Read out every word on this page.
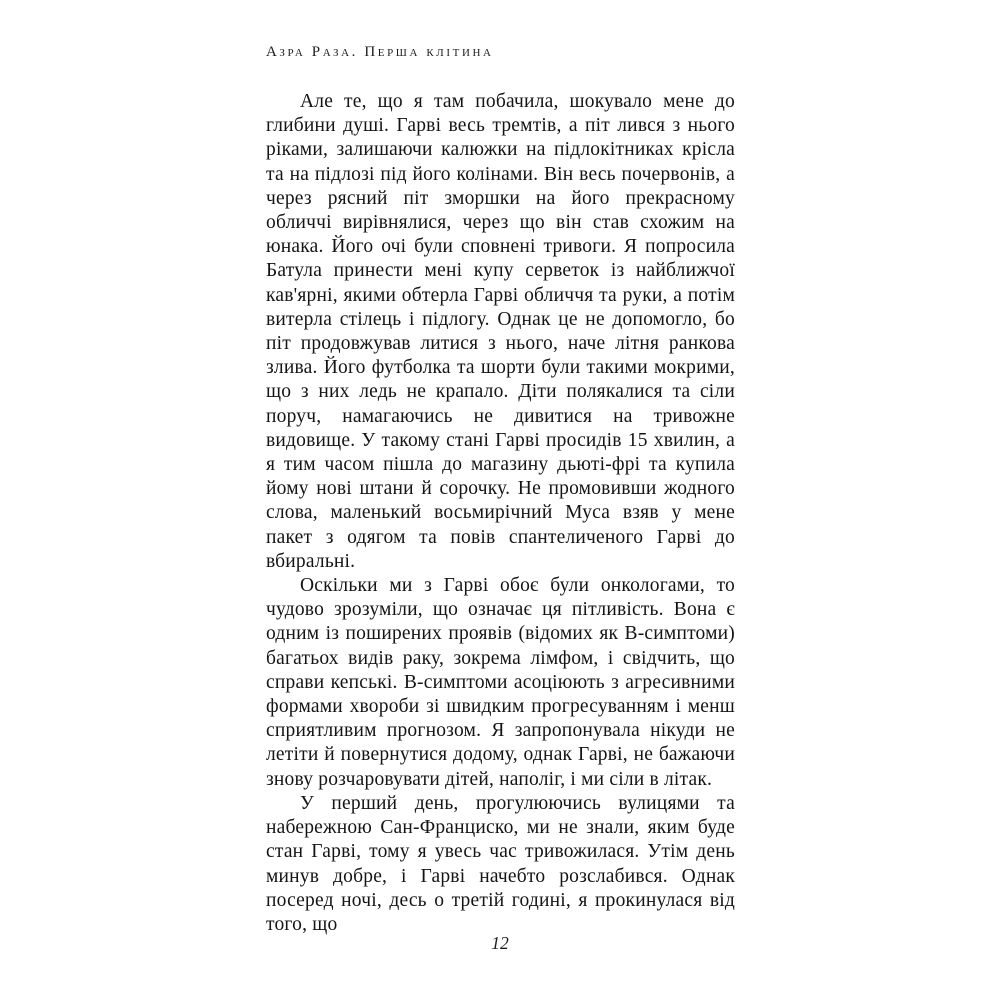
Азра Раза. Перша клітина

Але те, що я там побачила, шокувало мене до глибини душі. Гарві весь тремтів, а піт лився з нього ріками, залишаючи калюжки на підлокітниках крісла та на підлозі під його колінами. Він весь почервонів, а через рясний піт зморшки на його прекрасному обличчі вирівнялися, через що він став схожим на юнака. Його очі були сповнені тривоги. Я попросила Батула принести мені купу серветок із найближчої кав'ярні, якими обтерла Гарві обличчя та руки, а потім витерла стілець і підлогу. Однак це не допомогло, бо піт продовжував литися з нього, наче літня ранкова злива. Його футболка та шорти були такими мокрими, що з них ледь не крапало. Діти полякалися та сіли поруч, намагаючись не дивитися на тривожне видовище. У такому стані Гарві просидів 15 хвилин, а я тим часом пішла до магазину дьюті-фрі та купила йому нові штани й сорочку. Не промовивши жодного слова, маленький восьмирічний Муса взяв у мене пакет з одягом та повів спантеличеного Гарві до вбиральні.

Оскільки ми з Гарві обоє були онкологами, то чудово зрозуміли, що означає ця пітливість. Вона є одним із поширених проявів (відомих як В-симптоми) багатьох видів раку, зокрема лімфом, і свідчить, що справи кепські. В-симптоми асоціюють з агресивними формами хвороби зі швидким прогресуванням і менш сприятливим прогнозом. Я запропонувала нікуди не летіти й повернутися додому, однак Гарві, не бажаючи знову розчаровувати дітей, наполіг, і ми сіли в літак.

У перший день, прогулюючись вулицями та набережною Сан-Франциско, ми не знали, яким буде стан Гарві, тому я увесь час тривожилася. Утім день минув добре, і Гарві начебто розслабився. Однак посеред ночі, десь о третій годині, я прокинулася від того, що

12
